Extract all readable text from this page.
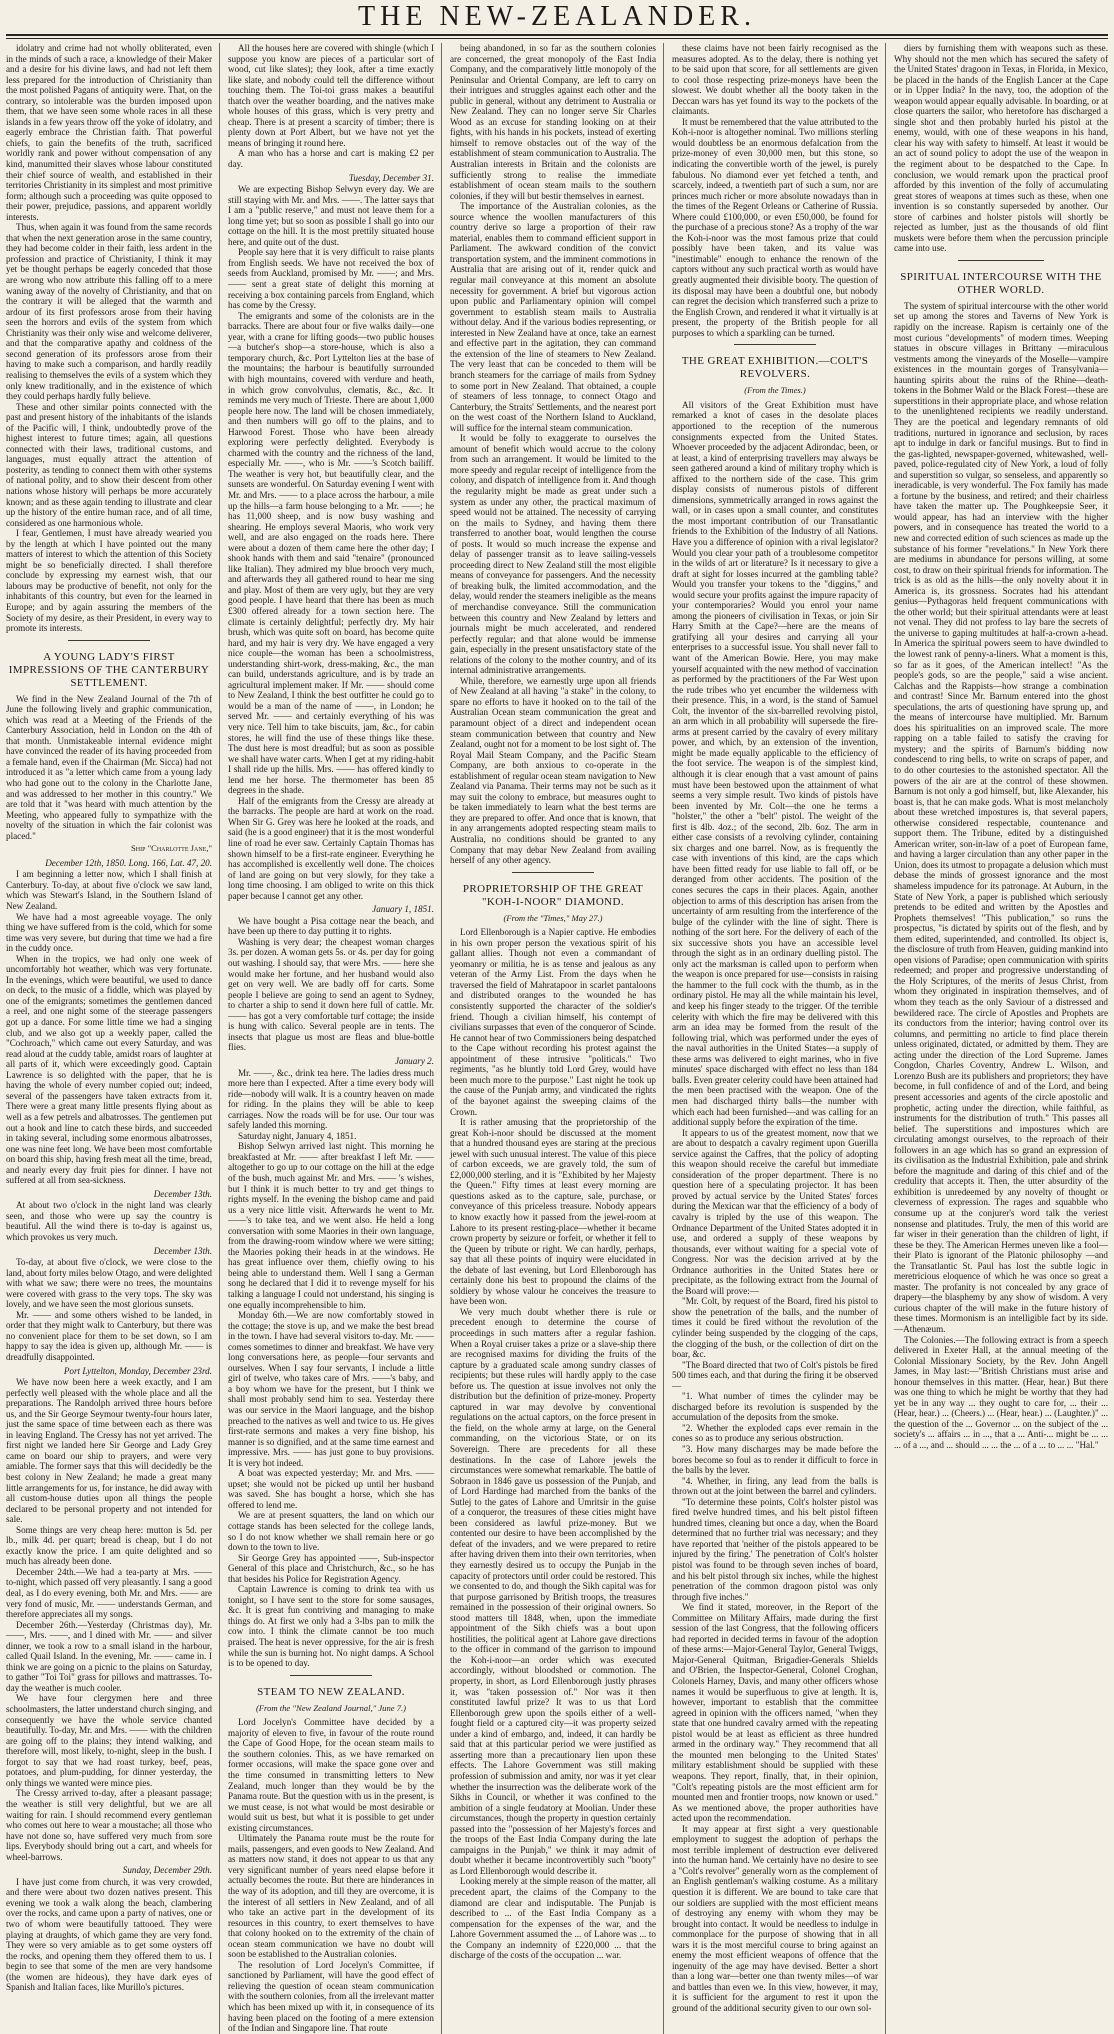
THE NEW-ZEALANDER.

idolatry and crime had not wholly obliterated, even in the minds of such a race, a knowledge of their Maker and a desire for his divine laws, and had not left them less prepared for the introduction of Christianity than the most polished Pagans of antiquity were. That, on the contrary, so intolerable was the burden imposed upon them, that we have seen some whole races in all these islands in a few years throw off the yoke of idolatry, and eagerly embrace the Christian faith. That powerful chiefs, to gain the benefits of the truth, sacrificed worldly rank and power without compensation of any kind, manumitted their slaves whose labour constituted their chief source of wealth, and established in their territories Christianity in its simplest and most primitive form; although such a proceeding was quite opposed to their power, prejudice, passions, and apparent worldly interests.

Thus, when again it was found from the same records that when the next generation arose in the same country, they had become colder in their faith, less ardent in the profession and practice of Christianity, I think it may yet be thought perhaps be eagerly conceded that those are wrong who now attribute this falling off to a mere waning away of the novelty of Christianity, and that on the contrary it will be alleged that the warmth and ardour of its first professors arose from their having seen the horrors and evils of the system from which Christianity was their only wise and welcome deliverer, and that the comparative apathy and coldness of the second generation of its professors arose from their having to make such a comparison, and hardly readily realising to themselves the evils of a system which they only knew traditionally, and in the existence of which they could perhaps hardly fully believe.

These and other similar points connected with the past and present history of the inhabitants of the islands of the Pacific will, I think, undoubtedly prove of the highest interest to future times; again, all questions connected with their laws, traditional customs, and languages, must equally attract the attention of posterity, as tending to connect them with other systems of national polity, and to show their descent from other nations whose history will perhaps be more accurately known; and as these again tending to illustrate and clear up the history of the entire human race, and of all time, considered as one harmonious whole.

I fear, Gentlemen, I must have already wearied you by the length at which I have pointed out the many matters of interest to which the attention of this Society might be so beneficially directed. I shall therefore conclude by expressing my earnest wish, that our labours may be productive of benefit, not only for the inhabitants of this country, but even for the learned in Europe; and by again assuring the members of the Society of my desire, as their President, in every way to promote its interests.

A YOUNG LADY'S FIRST IMPRESSIONS OF THE CANTERBURY SETTLEMENT.

We find in the New Zealand Journal of the 7th of June the following lively and graphic communication, which was read at a Meeting of the Friends of the Canterbury Association, held in London on the 4th of that month. Unmistakeable internal evidence might have convinced the reader of its having proceeded from a female hand, even if the Chairman (Mr. Sicca) had not introduced it as "a letter which came from a young lady who had gone out to the colony in the Charlotte Jane, and was addressed to her mother in this country." We are told that it "was heard with much attention by the Meeting, who appeared fully to sympathize with the novelty of the situation in which the fair colonist was placed."

Ship "Charlotte Jane,"
December 12th, 1850. Long. 166, Lat. 47, 20.

I am beginning a letter now, which I shall finish at Canterbury. To-day, at about five o'clock we saw land, which was Stewart's Island, in the Southern Island of New Zealand.

We have had a most agreeable voyage. The only thing we have suffered from is the cold, which for some time was very severe, but during that time we had a fire in the cuddy once.

When in the tropics, we had only one week of uncomfortably hot weather, which was very fortunate. In the evenings, which were beautiful, we used to dance on deck, to the music of a fiddle, which was played by one of the emigrants; sometimes the gentlemen danced a reel, and one night some of the steerage passengers got up a dance. For some little time we had a singing club, and we also got up a weekly paper, called the "Cochroach," which came out every Saturday, and was read aloud at the cuddy table, amidst roars of laughter at all parts of it, which were exceedingly good. Captain Lawrence is so delighted with the paper, that he is having the whole of every number copied out; indeed, several of the passengers have taken extracts from it. There were a great many little presents flying about as well as a few petrels and albatrosses. The gentlemen put out a hook and line to catch these birds, and succeeded in taking several, including some enormous albatrosses, one was nine feet long. We have been most comfortable on board this ship, having fresh meat all the time, bread, and nearly every day fruit pies for dinner. I have not suffered at all from sea-sickness.

December 13th.

At about two o'clock in the night land was clearly seen, and those who were up say the country is beautiful. All the wind there is to-day is against us, which provokes us very much.

December 13th.

To-day, at about five o'clock, we were close to the land, about forty miles below Otago, and were delighted with what we saw; there were no trees, the mountains were covered with grass to the very tops. The sky was lovely, and we have seen the most glorious sunsets.

Mr. —— and some others wished to be landed, in order that they might walk to Canterbury, but there was no convenient place for them to be set down, so I am happy to say the idea is given up, although Mr. —— is dreadfully disappointed.

Port Lyttelton, Monday, December 23rd.

We have now been here a week exactly, and I am perfectly well pleased with the whole place and all the preparations. The Randolph arrived three hours before us, and the Sir George Seymour twenty-four hours later, just the same space of time between each as there was in leaving England. The Cressy has not yet arrived. The first night we landed here Sir George and Lady Grey came on board our ship to prayers, and were very amiable. The former says that this will decidedly be the best colony in New Zealand; he made a great many little arrangements for us, for instance, he did away with all custom-house duties upon all things the people declared to be personal property and not intended for sale.

Some things are very cheap here: mutton is 5d. per lb., milk 4d. per quart; bread is cheap, but I do not exactly know the price. I am quite delighted and so much has already been done.

December 24th.—We had a tea-party at Mrs. —— to-night, which passed off very pleasantly. I sang a good deal, as I do every evening, both Mr. and Mrs. —— are very fond of music, Mr. —— understands German, and therefore appreciates all my songs.

December 26th.—Yesterday (Christmas day), Mr. ——, Mrs. ——, and I dined with Mr. —— and silver dinner, we took a row to a small island in the harbour, called Quail Island. In the evening, Mr. —— came in. I think we are going on a picnic to the plains on Saturday, to gather "Toi Toi" grass for pillows and mattrasses. To-day the weather is much cooler.

We have four clergymen here and three schoolmasters, the latter understand church singing, and consequently we have the whole service chanted beautifully. To-day, Mr. and Mrs. —— with the children are going off to the plains; they intend walking, and therefore will, most likely, to-night, sleep in the bush. I forgot to say that we had roast turkey, beef, peas, potatoes, and plum-pudding, for dinner yesterday, the only things we wanted were mince pies.

The Cressy arrived to-day, after a pleasant passage; the weather is still very delightful, but we are all waiting for rain. I should recommend every gentleman who comes out here to wear a moustache; all those who have not done so, have suffered very much from sore lips. Everybody should bring out a cart, and wheels for wheel-barrows.

Sunday, December 29th.

I have just come from church, it was very crowded, and there were about two dozen natives present. This evening we took a walk along the beach, clambering over the rocks, and came upon a party of natives, one or two of whom were beautifully tattooed. They were playing at draughts, of which game they are very fond. They were so very amiable as to get some oysters off the rocks, and opening them they offered them to us. I begin to see that some of the men are very handsome (the women are hideous), they have dark eyes of Spanish and Italian faces, like Murillo's pictures.

All the houses here are covered with shingle (which I suppose you know are pieces of a particular sort of wood, cut like slates); they look, after a time exactly like slate, and nobody could tell the difference without touching them. The Toi-toi grass makes a beautiful thatch over the weather boarding, and the natives make whole houses of this grass, which is very pretty and cheap. There is at present a scarcity of timber; there is plenty down at Port Albert, but we have not yet the means of bringing it round here.

A man who has a horse and cart is making £2 per day.

Tuesday, December 31.

We are expecting Bishop Selwyn every day. We are still staying with Mr. and Mrs. ——. The latter says that I am a "public reserve," and must not leave them for a long time yet; but so soon as possible I shall go into our cottage on the hill. It is the most prettily situated house here, and quite out of the dust.

People say here that it is very difficult to raise plants from English seeds. We have not received the box of seeds from Auckland, promised by Mr. ——; and Mrs. —— sent a great state of delight this morning at receiving a box containing parcels from England, which has come by the Cressy.

The emigrants and some of the colonists are in the barracks. There are about four or five walks daily—one year, with a crane for lifting goods—two public houses—a butcher's shop—a store-house, which is also a temporary church, &c. Port Lyttelton lies at the base of the mountains; the harbour is beautifully surrounded with high mountains, covered with verdure and heath, in which grow convolvulus, clematis, &c., &c. It reminds me very much of Trieste. There are about 1,000 people here now. The land will be chosen immediately, and then numbers will go off to the plains, and to Harwood Forest. Those who have been already exploring were perfectly delighted. Everybody is charmed with the country and the richness of the land, especially Mr. ——, who is Mr. ——'s Scotch bailiff. The weather is very hot, but beautifully clear, and the sunsets are wonderful. On Saturday evening I went with Mr. and Mrs. —— to a place across the harbour, a mile up the hills—a farm house belonging to a Mr. ——; he has 11,000 sheep, and is now busy washing and shearing. He employs several Maoris, who work very well, and are also engaged on the roads here. There were about a dozen of them came here the other day; I shook hands with them and said "tenaire" (pronounced like Italian). They admired my blue brooch very much, and afterwards they all gathered round to hear me sing and play. Most of them are very ugly, but they are very good people. I have heard that there has been as much £300 offered already for a town section here. The climate is certainly delightful; perfectly dry. My hair brush, which was quite soft on board, has become quite hard, and my hair is very dry. We have engaged a very nice couple—the woman has been a schoolmistress, understanding shirt-work, dress-making, &c., the man can build, understands agriculture, and is by trade an agricultural implement maker. If Mr. —— should come to New Zealand, I think the best outfitter he could go to would be a man of the name of ——, in London; he served Mr. —— and certainly everything of his was very nice. Tell him to take biscuits, jam, &c., for cabin stores, he will find the use of these things like these. The dust here is most dreadful; but as soon as possible we shall have water carts. When I get at my riding-habit I shall ride up the hills. Mrs. —— has offered kindly to lend me her horse. The thermometer has been 85 degrees in the shade.

Half of the emigrants from the Cressy are already at the barracks. The people are hard at work on the road. When Sir G. Grey was here he looked at the roads, and said (he is a good engineer) that it is the most wonderful line of road he ever saw. Certainly Captain Thomas has shown himself to be a first-rate engineer. Everything he has accomplished is excellently well done. The choices of land are going on but very slowly, for they take a long time choosing. I am obliged to write on this thick paper because I cannot get any other.

January 1, 1851.

We have bought a Pisa cottage near the beach, and have been up there to day putting it to rights.

Washing is very dear; the cheapest woman charges 3s. per dozen. A woman gets 5s. or 4s. per day for going out washing. I should say, that were Mrs. —— here she would make her fortune, and her husband would also get on very well. We are badly off for carts. Some people I believe are going to send an agent to Sydney, to charter a ship to send it down here full of cattle. Mr. —— has got a very comfortable turf cottage; the inside is hung with calico. Several people are in tents. The insects that plague us most are fleas and blue-bottle flies.

January 2.

Mr. ——, &c., drink tea here. The ladies dress much more here than I expected. After a time every body will ride—nobody will walk. It is a country heaven on made for riding. In the plains they will be able to keep carriages. Now the roads will be for use. Our tour was safely landed this morning.

Saturday night, January 4, 1851.

Bishop Selwyn arrived last night. This morning he breakfasted at Mr. —— after breakfast I left Mr. —— altogether to go up to our cottage on the hill at the edge of the bush, much against Mr. and Mrs. —— 's wishes, but I think it is much better to try and get things to rights myself. In the evening the bishop came and paid us a very nice little visit. Afterwards he went to Mr. ——'s to take tea, and we went also. He held a long conversation with some Maories in their own language, from the drawing-room window where we were sitting; the Maories poking their heads in at the windows. He has great influence over them, chiefly owing to his being able to understand them. Well I sang a German song he declared that I did it to revenge myself for his talking a language I could not understand, his singing is one equally incomprehensible to him.

Monday 6th.—We are now comfortably stowed in the cottage; the stove is up, and we make the best bread in the town. I have had several visitors to-day. Mr. —— comes sometimes to dinner and breakfast. We have very long conversations here, as people—four servants and ourselves. When I say four servants, I include a little girl of twelve, who takes care of Mrs. ——'s baby, and a boy whom we have for the present, but I think we shall most probably send him to sea. Yesterday there was our service in the Maori language, and the bishop preached to the natives as well and twice to us. He gives first-rate sermons and makes a very fine bishop, his manner is so dignified, and at the same time earnest and impressive. Mrs. —— has just gone to buy provisions. It is very hot indeed.

A boat was expected yesterday; Mr. and Mrs. —— upset; she would not be picked up until her husband was saved. She has bought a horse, which she has offered to lend me.

We are at present squatters, the land on which our cottage stands has been selected for the college lands, so I do not know whether we shall remain here or go down to the town to live.

Sir George Grey has appointed ——, Sub-inspector General of this place and Christchurch, &c., so he has that besides his Police for Registration Agency.

Captain Lawrence is coming to drink tea with us tonight, so I have sent to the store for some sausages, &c. It is great fun contriving and managing to make things do. At first we only had a 3-lbs pan to milk the cow into. I think the climate cannot be too much praised. The heat is never oppressive, for the air is fresh while the sun is burning hot. No night damps. A School is to be opened to day.

STEAM TO NEW ZEALAND.
(From the "New Zealand Journal," June 7.)

Lord Jocelyn's Committee have decided by a majority of eleven to five, in favour of the route round the Cape of Good Hope, for the ocean steam mails to the southern colonies. This, as we have remarked on former occasions, will make the space gone over and the time consumed in transmitting letters to New Zealand, much longer than they would be by the Panama route. But the question with us in the present, is we must cease, is not what would be most desirable or would suit us best, but what it is possible to get under existing circumstances.

Ultimately the Panama route must be the route for mails, passengers, and even goods to New Zealand. And as matters now stand, it does not appear to us that any very significant number of years need elapse before it actually becomes the route. But there are hinderances in the way of its adoption, and till they are overcome, it is the interest of all settlers in New Zealand, and of all who take an active part in the development of its resources in this country, to exert themselves to have that colony hooked on to the extremity of the chain of ocean steam communication we have no doubt will soon be established to the Australian colonies.

The resolution of Lord Jocelyn's Committee, if sanctioned by Parliament, will have the good effect of relieving the question of ocean steam communication with the southern colonies, from all the irrelevant matter which has been mixed up with it, in consequence of its having been placed on the footing of a mere extension of the Indian and Singapore line. That route

being abandoned, in so far as the southern colonies are concerned, the great monopoly of the East India Company, and the comparatively little monopoly of the Peninsular and Oriental Company, are left to carry on their intrigues and struggles against each other and the public in general, without any detriment to Australia or New Zealand. They can no longer serve Sir Charles Wood as an excuse for standing looking on at their fights, with his hands in his pockets, instead of exerting himself to remove obstacles out of the way of the establishment of steam communication to Australia. The Australian interests in Britain and the colonists are sufficiently strong to realise the immediate establishment of ocean steam mails to the southern colonies, if they will but bestir themselves in earnest.

The importance of the Australian colonies, as the source whence the woollen manufacturers of this country derive so large a proportion of their raw material, enables them to command efficient support in Parliament. The awkward condition of the convict transportation system, and the imminent commotions in Australia that are arising out of it, render quick and regular mail conveyance at this moment an absolute necessity for government. A brief but vigorous action upon public and Parliamentary opinion will compel government to establish steam mails to Australia without delay. And if the various bodies representing, or interested in New Zealand have at once, take an earnest and effective part in the agitation, they can command the extension of the line of steamers to New Zealand. The very least that can be conceded to them will be branch steamers for the carriage of mails from Sydney to some port in New Zealand. That obtained, a couple of steamers of less tonnage, to connect Otago and Canterbury, the Straits' Settlements, and the nearest port on the west coast of the Northern Island to Auckland, will suffice for the internal steam communication.

It would be folly to exaggerate to ourselves the amount of benefit which would accrue to the colony from such an arrangement. It would be limited to the more speedy and regular receipt of intelligence from the colony, and dispatch of intelligence from it. And though the regularity might be made as great under such a system as under any other, the practical maximum of speed would not be attained. The necessity of carrying on the mails to Sydney, and having them there transferred to another boat, would lengthen the course of posts. It would so much increase the expense and delay of passenger transit as to leave sailing-vessels proceeding direct to New Zealand still the most eligible means of conveyance for passengers. And the necessity of breaking bulk, the limited accommodation, and the delay, would render the steamers ineligible as the means of merchandise conveyance. Still the communication between this country and New Zealand by letters and journals might be much accelerated, and rendered perfectly regular; and that alone would be immense gain, especially in the present unsatisfactory state of the relations of the colony to the mother country, and of its internal administrative arrangements.

While, therefore, we earnestly urge upon all friends of New Zealand at all having "a stake" in the colony, to spare no efforts to have it hooked on to the tail of the Australian Ocean steam communication the great and paramount object of a direct and independent ocean steam communication between that country and New Zealand, ought not for a moment to be lost sight of. The Royal Mail Steam Company, and the Pacific Steam Company, are both anxious to co-operate in the establishment of regular ocean steam navigation to New Zealand via Panama. Their terms may not be such as it may suit the colony to embrace, but measures ought to be taken immediately to learn what the best terms are they are prepared to offer. And once that is known, that in any arrangements adopted respecting steam mails to Australia, no conditions should be granted to any Company that may debar New Zealand from availing herself of any other agency.

PROPRIETORSHIP OF THE GREAT "KOH-I-NOOR" DIAMOND.
(From the "Times," May 27.)

Lord Ellenborough is a Napier captive. He embodies in his own proper person the vexatious spirit of his gallant allies. Though not even a commandant of yeomanry or militia, he is as tense and jealous as any veteran of the Army List. From the days when he traversed the field of Mahratapoor in scarlet pantaloons and distributed oranges to the wounded he has consistently supported the character of the soldier's friend. Though a civilian himself, his contempt of civilians surpasses that even of the conqueror of Scinde. He cannot hear of two Commissioners being despatched to the Cape without recording his protest against the appointment of these intrusive "politicals." Two regiments, "as he bluntly told Lord Grey, would have been much more to the purpose." Last night he took up the cause of the Punjab army, and vindicated the rights of the bayonet against the sweeping claims of the Crown.

It is rather amusing that the proprietorship of the great Koh-i-noor should be discussed at the moment that a hundred thousand eyes are staring at the precious jewel with such unusual interest. The value of this piece of carbon exceeds, we are gravely told, the sum of £2,000,000 sterling, and it is "Exhibited by her Majesty the Queen." Fifty times at least every morning are questions asked as to the capture, sale, purchase, or conveyance of this priceless treasure. Nobody appears to know exactly how it passed from the jewel-room at Lahore to its present resting-place—whether it became crown property by seizure or forfeit, or whether it fell to the Queen by tribute or right. We can hardly, perhaps, say that all these points of inquiry were elucidated in the debate of last evening, but Lord Ellenborough has certainly done his best to propound the claims of the soldiery by whose valour he conceives the treasure to have been won.

We very much doubt whether there is rule or precedent enough to determine the course of proceedings in such matters after a regular fashion. When a Royal cruiser takes a prize or a slave-ship there are recognised maxims for dividing the fruits of the capture by a graduated scale among sundry classes of recipients; but these rules will hardly apply to the case before us. The question at issue involves not only the distribution but the definition of prize-money. Property captured in war may devolve by conventional regulations on the actual captors, on the force present in the field, on the whole army at large, on the General commanding, on the victorious State, or on its Sovereign. There are precedents for all these destinations. In the case of Lahore jewels the circumstances were somewhat remarkable. The battle of Sobraon in 1846 gave us possession of the Punjab, and of Lord Hardinge had marched from the banks of the Sutlej to the gates of Lahore and Umritsir in the guise of a conqueror, the treasures of these cities might have been considered as lawful prize-money. But we contented our desire to have been accomplished by the defeat of the invaders, and we were prepared to retire after having driven them into their own territories, when they earnestly desired us to occupy the Punjab in the capacity of protectors until order could be restored. This we consented to do, and though the Sikh capital was for that purpose garrisoned by British troops, the treasures remained in the possession of their original owners. So stood matters till 1848, when, upon the immediate appointment of the Sikh chiefs was a bout upon hostilities, the political agent at Lahore gave directions to the officer in command of the garrison to impound the Koh-i-noor—an order which was executed accordingly, without bloodshed or commotion. The property, in short, as Lord Ellenborough justly phrases it, was "taken possession of." Nor was it then constituted lawful prize? It was to us that Lord Ellenborough grew upon the spoils either of a well-fought field or a captured city—it was property seized under a kind of embargo, and, indeed, it can hardly be said that at this particular period we were justified as asserting more than a precautionary lien upon these effects. The Lahore Government was still making profession of submission and amity, nor was it yet clear whether the insurrection was the deliberate work of the Sikhs in Council, or whether it was confined to the ambition of a single feudatory at Moolian. Under these circumstances, though the property in question certainly passed into the "possession of her Majesty's forces and the troops of the East India Company during the late campaigns in the Punjab," we think it may admit of doubt whether it became incontrovertibly such "booty" as Lord Ellenborough would describe it.

Looking merely at the simple reason of the matter, all precedent apart, the claims of the Company to the diamond are clear and indisputable. The Punjab is described to ... of the East India Company as a compensation for the expenses of the war, and the Lahore Government assumed the ... of Lahore was ... to the Company an indemnity of £220,000 ... that the discharge of the costs of the occupation ... war.

these claims have not been fairly recognised as the measures adopted. As to the delay, there is nothing yet to be said upon that score, for all settlements are given to cool those respecting prize-moneys have been the slowest. We doubt whether all the booty taken in the Deccan wars has yet found its way to the pockets of the claimants.

It must be remembered that the value attributed to the Koh-i-noor is altogether nominal. Two millions sterling would doubtless be an enormous defalcation from the prize-money of even 30,000 men, but this stone, so indicating the convertible worth of the jewel, is purely fabulous. No diamond ever yet fetched a tenth, and scarcely, indeed, a twentieth part of such a sum, nor are princes much richer or more absolute nowadays than in the times of the Regent Orleans or Catherine of Russia. Where could £100,000, or even £50,000, be found for the purchase of a precious stone? As a trophy of the war the Koh-i-noor was the most famous prize that could possibly have been taken, and its value was "inestimable" enough to enhance the renown of the captors without any such practical worth as would have greatly augmented their divisible booty. The question of its disposal may have been a doubtful one, but nobody can regret the decision which transferred such a prize to the English Crown, and rendered it what it virtually is at present, the property of the British people for all purposes to which a sparkling can be turned.

THE GREAT EXHIBITION.—COLT'S REVOLVERS.
(From the Times.)

All visitors of the Great Exhibition must have remarked a knot of cases in the desolate places apportioned to the reception of the numerous consignments expected from the United States. Whoever proceeded by the adjacent Adirondac, been, or at least, a kind of enterprising travellers may always be seen gathered around a kind of military trophy which is affixed to the northern side of the case. This grim display consists of numerous pistols of different dimensions, symmetrically arranged in rows against the wall, or in cases upon a small counter, and constitutes the most important contribution of our Transatlantic friends to the Exhibition of the Industry of all Nations. Have you a difference of opinion with a rival legislator? Would you clear your path of a troublesome competitor in the wilds of art or literature? Is it necessary to give a draft at sight for losses incurred at the gambling table? Would you transfer your tokens to the "diggins," and would secure your profits against the impure rapacity of your contemporaries? Would you enrol your name among the pioneers of civilisation in Texas, or join Sir Harry Smith at the Cape?—here are the means of gratifying all your desires and carrying all your enterprises to a successful issue. You shall never fall to want of the American Bowie. Here, you may make yourself acquainted with the new method of vaccination as performed by the practitioners of the Far West upon the rude tribes who yet encumber the wilderness with their presence. This, in a word, is the stand of Samuel Colt, the inventor of the six-barrelled revolving pistol, an arm which in all probability will supersede the fire-arms at present carried by the cavalry of every military power, and which, by an extension of the invention, might be made equally applicable to the efficiency of the foot service. The weapon is of the simplest kind, although it is clear enough that a vast amount of pains must have been bestowed upon the attainment of what seems a very simple result. Two kinds of pistols have been invented by Mr. Colt—the one he terms a "holster," the other a "belt" pistol. The weight of the first is 4lb. 4oz.; of the second, 2lb. 6oz. The arm in either case consists of a revolving cylinder, containing six charges and one barrel. Now, as is frequently the case with inventions of this kind, are the caps which have been fitted ready for use liable to fall off, or be deranged from other accidents. The position of the cones secures the caps in their places. Again, another objection to arms of this description has arisen from the uncertainty of arm resulting from the interference of the bulge of the cylinder with the line of sight. There is nothing of the sort here. For the delivery of each of the six successive shots you have an accessible level through the sight as in an ordinary duelling pistol. The only act the marksman is called upon to perform when the weapon is once prepared for use—consists in raising the hammer to the full cock with the thumb, as in the ordinary pistol. He may all the while maintain his level, and keep his finger steady to the trigger. Of the terrible celerity with which the fire may be delivered with this arm an idea may be formed from the result of the following trial, which was performed under the eyes of the naval authorities in the United States—a supply of these arms was delivered to eight marines, who in five minutes' space discharged with effect no less than 184 balls. Even greater celerity could have been attained had the men been practised with the weapon. One of the men had discharged thirty balls—the number with which each had been furnished—and was calling for an additional supply before the expiration of the time.

It appears to us of the greatest moment, now that we are about to despatch a cavalry regiment upon Guerilla service against the Caffres, that the policy of adopting this weapon should receive the careful but immediate consideration of the proper department. There is no question here of a speculating projector. It has been proved by actual service by the United States' forces during the Mexican war that the efficiency of a body of cavalry is tripled by the use of this weapon. The Ordnance Department of the United States adopted it in use, and ordered a supply of these weapons by thousands, ever without waiting for a special vote of Congress. Nor was the decision arrived at by the Ordnance authorities in the United States here or precipitate, as the following extract from the Journal of the Board will prove:—

"Mr. Colt, by request of the Board, fired his pistol to show the penetration of the balls, and the number of times it could be fired without the revolution of the cylinder being suspended by the clogging of the caps, the clogging of the bush, or the collection of dirt on the boar, &c.

"The Board directed that two of Colt's pistols be fired 500 times each, and that during the firing it be observed—

"1. What number of times the cylinder may be discharged before its revolution is suspended by the accumulation of the deposits from the smoke.

"2. Whether the exploded caps ever remain in the cones so as to produce any serious obstruction.

"3. How many discharges may be made before the bores become so foul as to render it difficult to force in the balls by the lever.

"4. Whether, in firing, any lead from the balls is thrown out at the joint between the barrel and cylinders.

"To determine these points, Colt's holster pistol was fired twelve hundred times, and his belt pistol fifteen hundred times, cleaning but once a day, when the Board determined that no further trial was necessary; and they have reported that 'neither of the pistols appeared to be injured by the firing.' The penetration of Colt's holster pistol was found to be through seven inches of board, and his belt pistol through six inches, while the highest penetration of the common dragoon pistol was only through five inches."

We find it stated, moreover, in the Report of the Committee on Military Affairs, made during the first session of the last Congress, that the following officers had reported in decided terms in favour of the adoption of these arms:—Major-General Taylor, General Twiggs, Major-General Quitman, Brigadier-Generals Shields and O'Brien, the Inspector-General, Colonel Croghan, Colonels Harney, Davis, and many other officers whose names it would be superfluous to give at length. It is, however, important to establish that the committee agreed in opinion with the officers named, "when they state that one hundred cavalry armed with the repeating pistol would be at least as efficient as three hundred armed in the ordinary way." They recommend that all the mounted men belonging to the United States' military establishment should be supplied with these weapons. They report, finally, that, in their opinion, "Colt's repeating pistols are the most efficient arm for mounted men and frontier troops, now known or used." As we mentioned above, the proper authorities have acted upon the recommendation.

It may appear at first sight a very questionable employment to suggest the adoption of perhaps the most terrible implement of destruction ever delivered into the human hand. We certainly have no desire to see a "Colt's revolver" generally worn as the complement of an English gentleman's walking costume. As a military question it is different. We are bound to take care that our soldiers are supplied with the most efficient means of destroying any enemy with whom they may be brought into contact. It would be needless to indulge in commonplace for the purpose of showing that in all wars it is the most merciful course to bring against an enemy the most efficient weapons of offence that the ingenuity of the age may have devised. Better a short than a long war—better one than twenty miles—of war and battles than even we. In this view, however, it may, it is sufficient for the argument to rest it upon the ground of the additional security given to our own sol-

diers by furnishing them with weapons such as these. Why should not the men which has secured the safety of the United States' dragoon in Texas, in Florida, in Mexico, be placed in the hands of the English Lancer at the Cape or in Upper India? In the navy, too, the adoption of the weapon would appear equally advisable. In boarding, or at close quarters the sailor, who heretofore has discharged a single shot and then probably hurled his pistol at the enemy, would, with one of these weapons in his hand, clear his way with safety to himself. At least it would be an act of sound policy to adopt the use of the weapon in the regiment about to be despatched to the Cape. In conclusion, we would remark upon the practical proof afforded by this invention of the folly of accumulating great stores of weapons at times such as these, when one invention is so constantly superseded by another. Our store of carbines and holster pistols will shortly be rejected as lumber, just as the thousands of old flint muskets were before them when the percussion principle came into use.

SPIRITUAL INTERCOURSE WITH THE OTHER WORLD.

The system of spiritual intercourse with the other world set up among the stores and Taverns of New York is rapidly on the increase. Rapism is certainly one of the most curious "developments" of modern times. Weeping statues in obscure villages in Brittany —miraculous vestments among the vineyards of the Moselle—vampire existences in the mountain gorges of Transylvania—haunting spirits about the ruins of the Rhine—death-tokens in the Bohmer Wald or the Black Forest—these are superstitions in their appropriate place, and whose relation to the unenlightened recipients we readily understand. They are the poetical and legendary remnants of old traditions, nurtured in ignorance and seclusion, by races apt to indulge in dark or fanciful musings. But to find in the gas-lighted, newspaper-governed, whitewashed, well-paved, police-regulated city of New York, a loud of folly and superstition so vulgar, so senseless, and apparently so ineradicable, is very wonderful. The Fox family has made a fortune by the business, and retired; and their chairless have taken the matter up. The Poughkeepsie Seer, it would appear, has had an interview with the higher powers, and in consequence has treated the world to a new and corrected edition of such sciences as made up the substance of his former "revelations." In New York there are mediums in abundance for persons willing, at some cost, to draw on their spiritual friends for information. The trick is as old as the hills—the only novelty about it in America is, its grossness. Socrates had his attendant genius—Pythagoras held frequent communications with the other world; but their spiritual attendants were at least not venal. They did not profess to lay bare the secrets of the universe to gaping multitudes at half-a-crown a-head. In America the spiritual powers seem to have dwindled to the lowest rank of penny-a-liners. What a moment is this, so far as it goes, of the American intellect! "As the people's gods, so are the people," said a wise ancient. Calchas and the Rappists—how strange a combination and contrast! Since Mr. Barnum entered into the ghost speculations, the arts of questioning have sprung up, and the means of intercourse have multiplied. Mr. Barnum does his spiritualities on an improved scale. The more rapping on a table failed to satisfy the craving for mystery; and the spirits of Barnum's bidding now condescend to ring bells, to write on scraps of paper, and to do other courtesies to the astonished spectator. All the powers of the air are at the control of these showmen. Barnum is not only a god himself, but, like Alexander, his boast is, that he can make gods. What is most melancholy about these wretched impostures is, that several papers, otherwise considered respectable, countenance and support them. The Tribune, edited by a distinguished American writer, son-in-law of a poet of European fame, and having a larger circulation than any other paper in the Union, does its utmost to propagate a delusion which must debase the minds of grossest ignorance and the most shameless impudence for its patronage. At Auburn, in the State of New York, a paper is published which seriously pretends to be edited and written by the Apostles and Prophets themselves! "This publication," so runs the prospectus, "is dictated by spirits out of the flesh, and by them edited, superintended, and controlled. Its object is, the disclosure of truth from Heaven, guiding mankind into open visions of Paradise; open communication with spirits redeemed; and proper and progressive understanding of the Holy Scriptures, of the merits of Jesus Christ, from whom they originated in inspiration themselves, and of whom they teach as the only Saviour of a distressed and bewildered race. The circle of Apostles and Prophets are its conductors from the interior; having control over its columns, and permitting no article to find place therein unless originated, dictated, or admitted by them. They are acting under the direction of the Lord Supreme. James Congdon, Charles Coventry, Andrew L. Wilson, and Lorenzo Bush are its publishers and proprietors; they have become, in full confidence of and of the Lord, and being present accessories and agents of the circle apostolic and prophetic, acting under the direction, while faithful, as instruments for the distribution of truth." This passes all belief. The superstitions and impostures which are circulating amongst ourselves, to the reproach of their followers in an age which has so grand an expression of its civilisation as the Industrial Exhibition, pale and shrink before the magnitude and daring of this chief and of the credulity that accepts it. Then, the utter absurdity of the exhibition is unredeemed by any novelty of thought or cleverness of expression. The rages and squabble who consume up at the conjurer's word talk the veriest nonsense and platitudes. Truly, the men of this world are far wiser in their generation than the children of light, if these be they. The American Hermes uneven like a fool—their Plato is ignorant of the Platonic philosophy —and the Transatlantic St. Paul has lost the subtle logic in meretricious eloquence of which he was once so great a master. The profanity is not concealed by any grace of drapery—the blasphemy by any show of wisdom. A very curious chapter of the will make in the future history of these times. Mormonism is an intelligible fact by its side.—Athenæum.

The Colonies.—The following extract is from a speech delivered in Exeter Hall, at the annual meeting of the Colonial Missionary Society, by the Rev. John Angell James, in May last:—"British Christians must arise and honour themselves in this matter. (Hear, hear.) But there was one thing to which he might be worthy that they had yet be in any way ... they ought to care for, ... their ... (Hear, hear.) ... (Cheers.) ... (Hear, hear.) ... (Laughter.)" ... the question of the ... Governor ... on the subject of the ... society's ... affairs ... in ..., that a ... Anti-... might be ... ... ... of a ..., and ... should ... ... the ... of a ... to ... ... "Hal."
